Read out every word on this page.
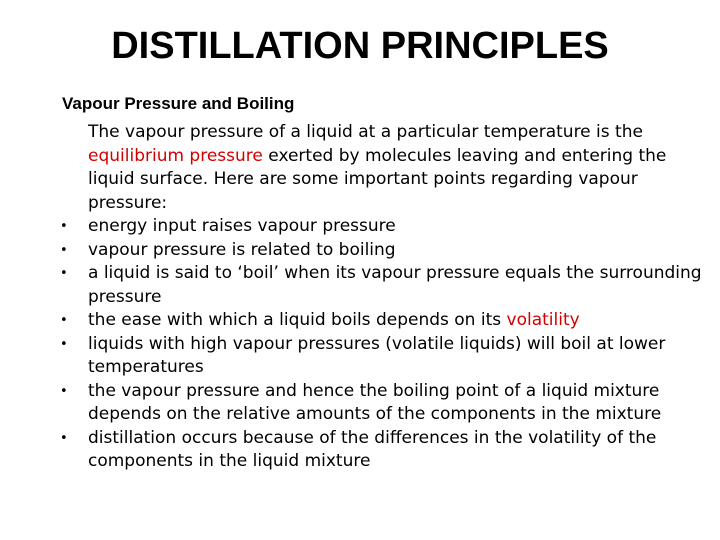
DISTILLATION PRINCIPLES
Vapour Pressure and Boiling

The vapour pressure of a liquid at a particular temperature is the equilibrium pressure exerted by molecules leaving and entering the liquid surface. Here are some important points regarding vapour pressure:

• energy input raises vapour pressure
• vapour pressure is related to boiling
• a liquid is said to ‘boil’ when its vapour pressure equals the surrounding pressure
• the ease with which a liquid boils depends on its volatility
• liquids with high vapour pressures (volatile liquids) will boil at lower temperatures
• the vapour pressure and hence the boiling point of a liquid mixture depends on the relative amounts of the components in the mixture
• distillation occurs because of the differences in the volatility of the components in the liquid mixture
